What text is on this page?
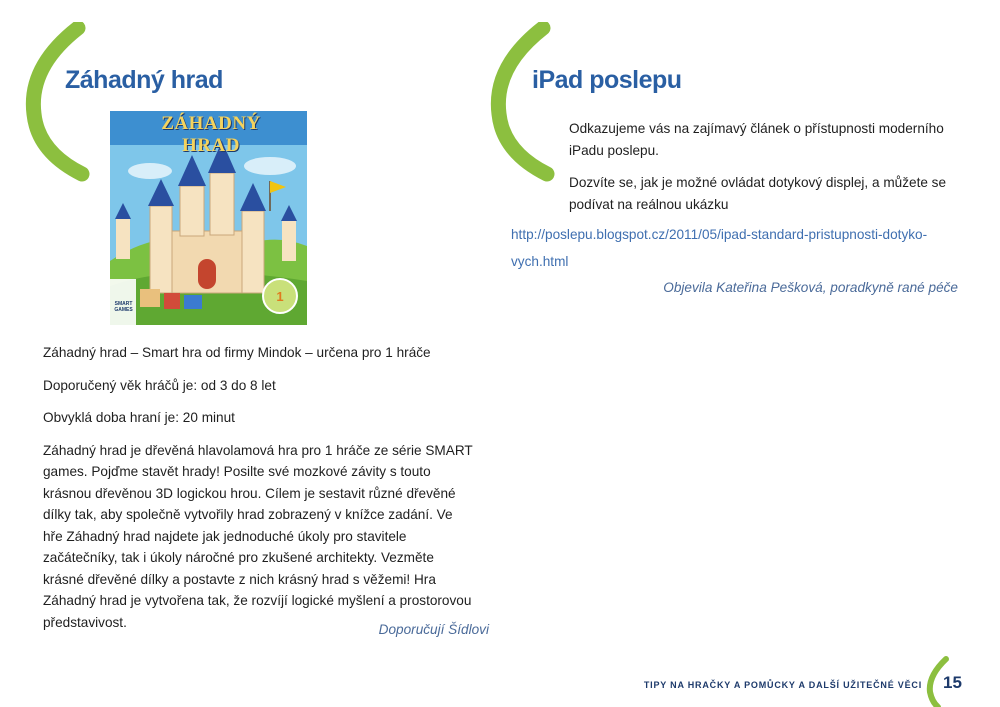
Záhadný hrad
1
ZÁHADNÝ HRAD
SMART GAMES

Záhadný hrad – Smart hra od firmy Mindok – určena pro 1 hráče

Doporučený věk hráčů je: od 3 do 8 let

Obvyklá doba hraní je: 20 minut

Záhadný hrad je dřevěná hlavolamová hra pro 1 hráče ze série SMART games. Pojďme stavět hrady! Posilte své mozkové závity s touto krásnou dřevěnou 3D logickou hrou. Cílem je sestavit různé dřevěné dílky tak, aby společně vytvořily hrad zobrazený v knížce zadání. Ve hře Záhadný hrad najdete jak jednoduché úkoly pro stavitele začátečníky, tak i úkoly náročné pro zkušené architekty. Vezměte krásné dřevěné dílky a postavte z nich krásný hrad s věžemi! Hra Záhadný hrad je vytvořena tak, že rozvíjí logické myšlení a prostorovou představivost.	Doporučují Šídlovi
iPad poslepu

Odkazujeme vás na zajímavý článek o přístupnosti moderního iPadu poslepu.

Dozvíte se, jak je možné ovládat dotykový displej, a můžete se podívat na reálnou ukázku

http://poslepu.blogspot.cz/2011/05/ipad-standard-pristupnosti-dotyko-
vych.html
Objevila Kateřina Pešková, poradkyně rané péče
TIPY NA HRAČKY A POMŮCKY A DALŠÍ UŽITEČNÉ VĚCI 15
